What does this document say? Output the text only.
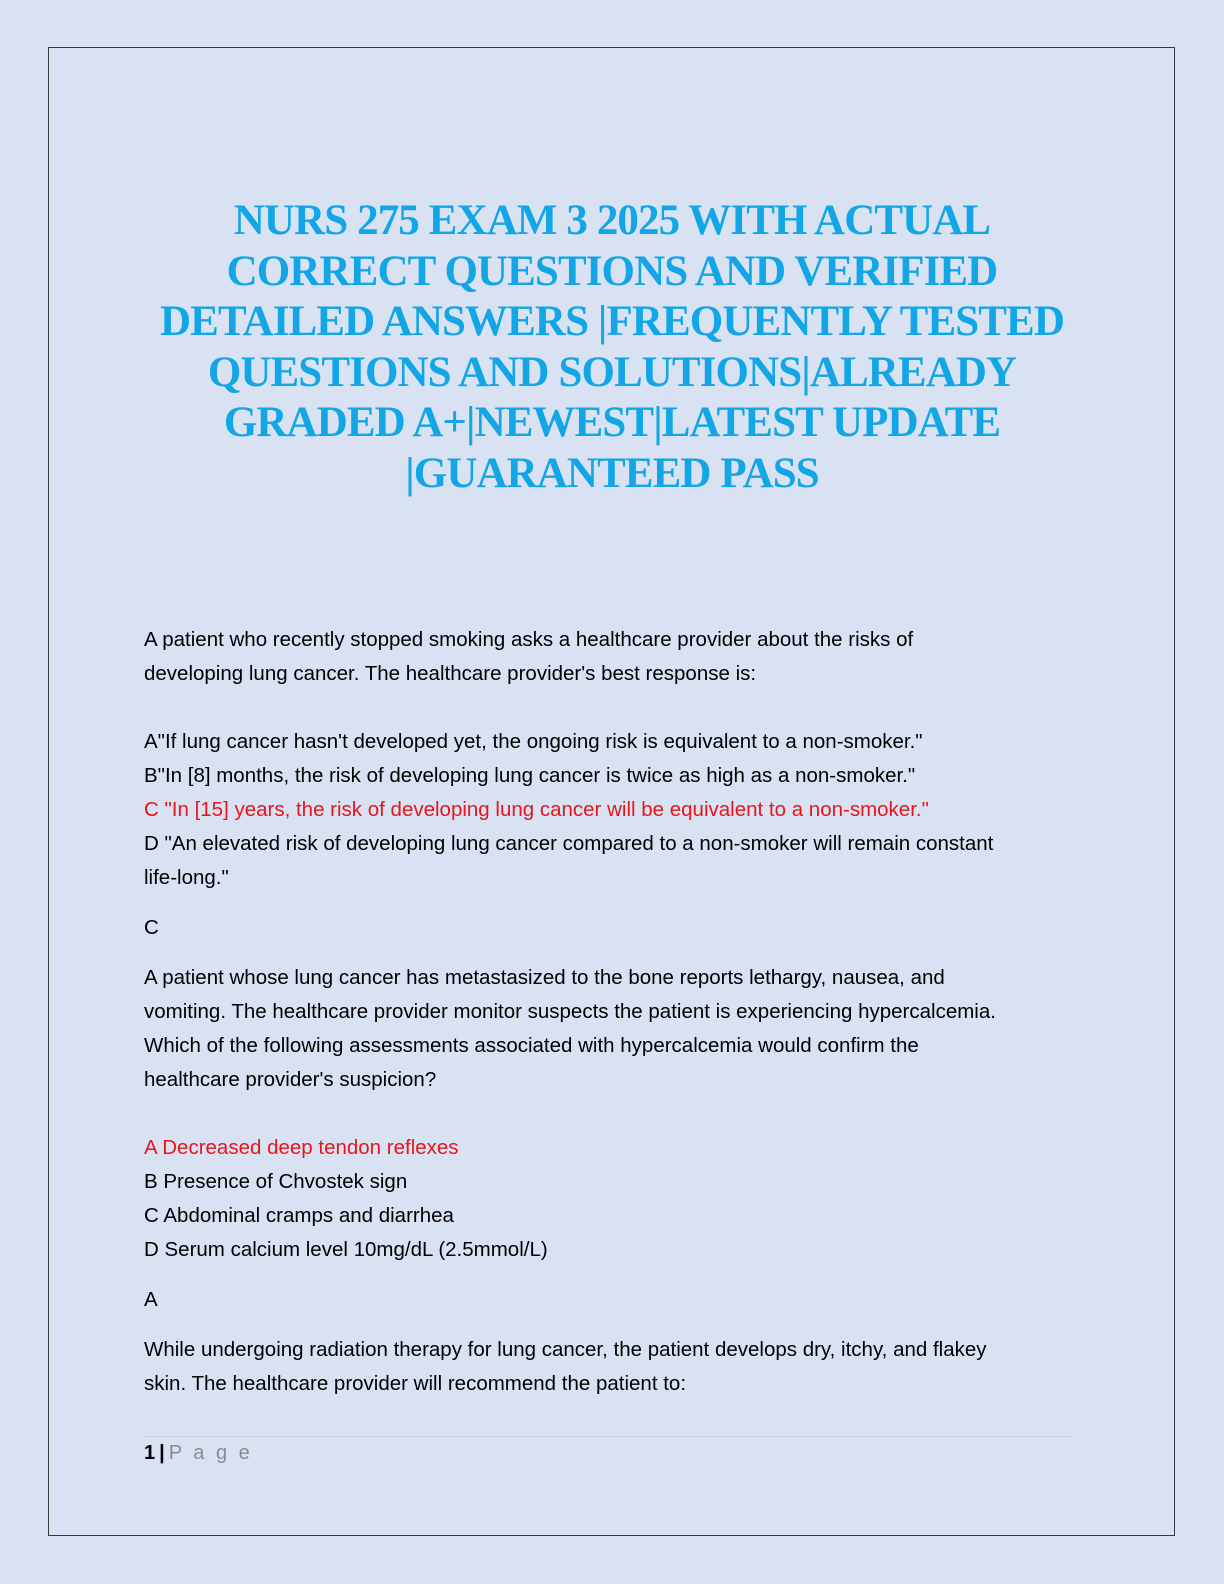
NURS 275 EXAM 3 2025 WITH ACTUAL
CORRECT QUESTIONS AND VERIFIED
DETAILED ANSWERS |FREQUENTLY TESTED
QUESTIONS AND SOLUTIONS|ALREADY
GRADED A+|NEWEST|LATEST UPDATE
|GUARANTEED PASS

A patient who recently stopped smoking asks a healthcare provider about the risks of

developing lung cancer. The healthcare provider's best response is:

A"If lung cancer hasn't developed yet, the ongoing risk is equivalent to a non-smoker."

B"In [8] months, the risk of developing lung cancer is twice as high as a non-smoker."

C "In [15] years, the risk of developing lung cancer will be equivalent to a non-smoker."

D "An elevated risk of developing lung cancer compared to a non-smoker will remain constant

life-long."

C

A patient whose lung cancer has metastasized to the bone reports lethargy, nausea, and

vomiting. The healthcare provider monitor suspects the patient is experiencing hypercalcemia.

Which of the following assessments associated with hypercalcemia would confirm the

healthcare provider's suspicion?

A Decreased deep tendon reflexes

B Presence of Chvostek sign

C Abdominal cramps and diarrhea

D Serum calcium level 10mg/dL (2.5mmol/L)

A

While undergoing radiation therapy for lung cancer, the patient develops dry, itchy, and flakey

skin. The healthcare provider will recommend the patient to:

1 | P a g e
